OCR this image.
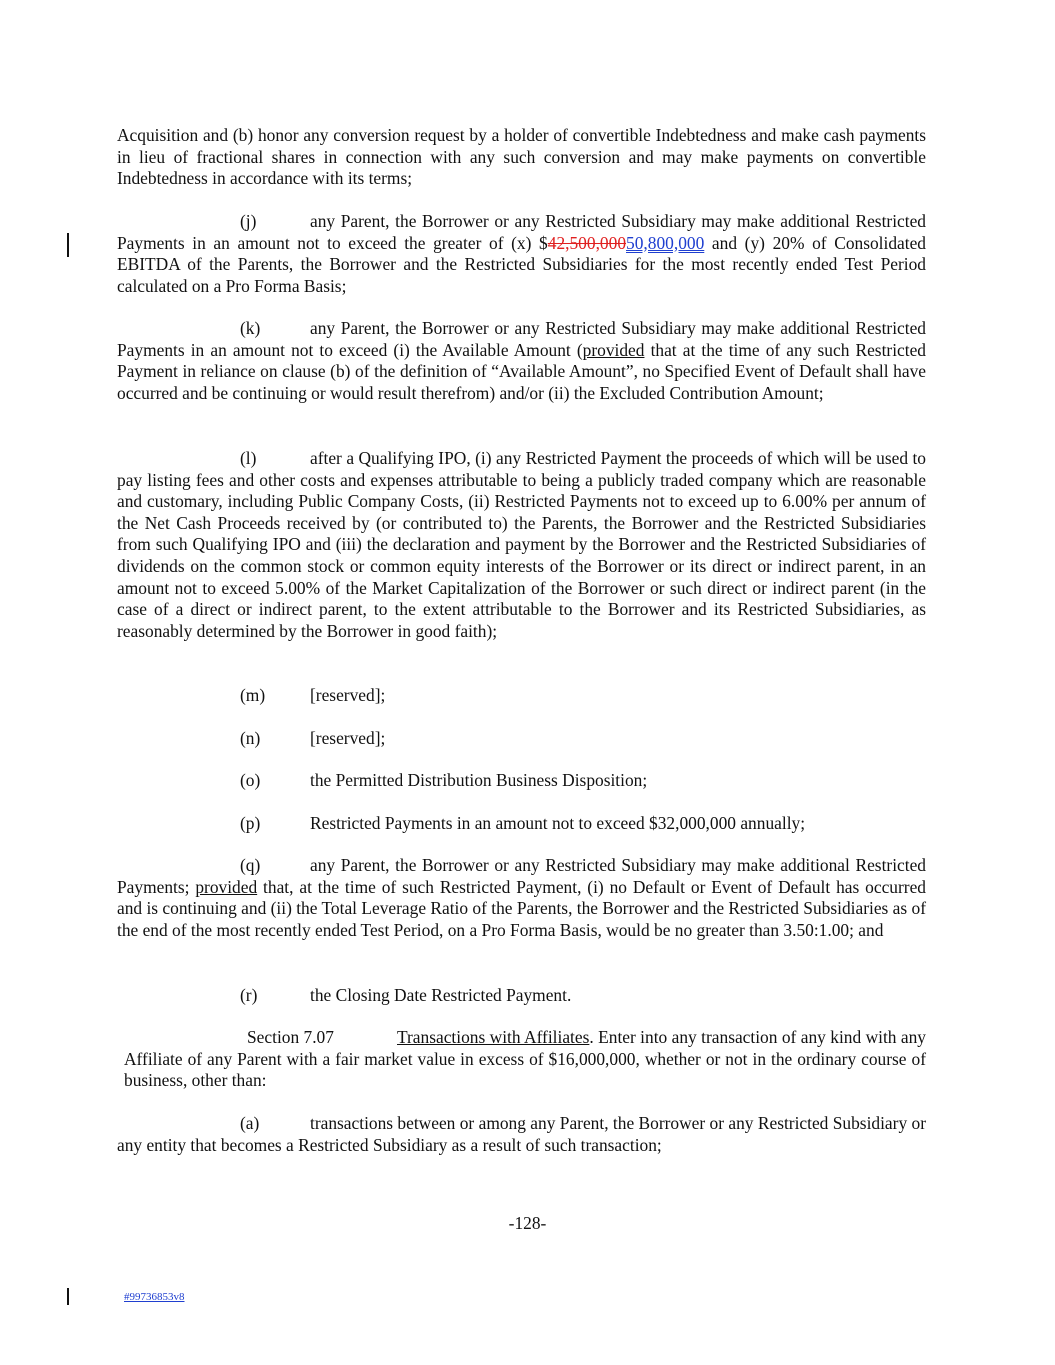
Acquisition and (b) honor any conversion request by a holder of convertible Indebtedness and make cash payments in lieu of fractional shares in connection with any such conversion and may make payments on convertible Indebtedness in accordance with its terms;

(j)	any Parent, the Borrower or any Restricted Subsidiary may make additional Restricted Payments in an amount not to exceed the greater of (x) $42,500,00050,800,000 and (y) 20% of Consolidated EBITDA of the Parents, the Borrower and the Restricted Subsidiaries for the most recently ended Test Period calculated on a Pro Forma Basis;

(k)	any Parent, the Borrower or any Restricted Subsidiary may make additional Restricted Payments in an amount not to exceed (i) the Available Amount (provided that at the time of any such Restricted Payment in reliance on clause (b) of the definition of “Available Amount”, no Specified Event of Default shall have occurred and be continuing or would result therefrom) and/or (ii) the Excluded Contribution Amount;

(l)	after a Qualifying IPO, (i) any Restricted Payment the proceeds of which will be used to pay listing fees and other costs and expenses attributable to being a publicly traded company which are reasonable and customary, including Public Company Costs, (ii) Restricted Payments not to exceed up to 6.00% per annum of the Net Cash Proceeds received by (or contributed to) the Parents, the Borrower and the Restricted Subsidiaries from such Qualifying IPO and (iii) the declaration and payment by the Borrower and the Restricted Subsidiaries of dividends on the common stock or common equity interests of the Borrower or its direct or indirect parent, in an amount not to exceed 5.00% of the Market Capitalization of the Borrower or such direct or indirect parent (in the case of a direct or indirect parent, to the extent attributable to the Borrower and its Restricted Subsidiaries, as reasonably determined by the Borrower in good faith);

(m)	[reserved];

(n)	[reserved];

(o)	the Permitted Distribution Business Disposition;

(p)	Restricted Payments in an amount not to exceed $32,000,000 annually;

(q)	any Parent, the Borrower or any Restricted Subsidiary may make additional Restricted Payments; provided that, at the time of such Restricted Payment, (i) no Default or Event of Default has occurred and is continuing and (ii) the Total Leverage Ratio of the Parents, the Borrower and the Restricted Subsidiaries as of the end of the most recently ended Test Period, on a Pro Forma Basis, would be no greater than 3.50:1.00; and

(r)	the Closing Date Restricted Payment.

Section 7.07	Transactions with Affiliates. Enter into any transaction of any kind with any Affiliate of any Parent with a fair market value in excess of $16,000,000, whether or not in the ordinary course of business, other than:

(a)	transactions between or among any Parent, the Borrower or any Restricted Subsidiary or any entity that becomes a Restricted Subsidiary as a result of such transaction;

-128-
#99736853v8
